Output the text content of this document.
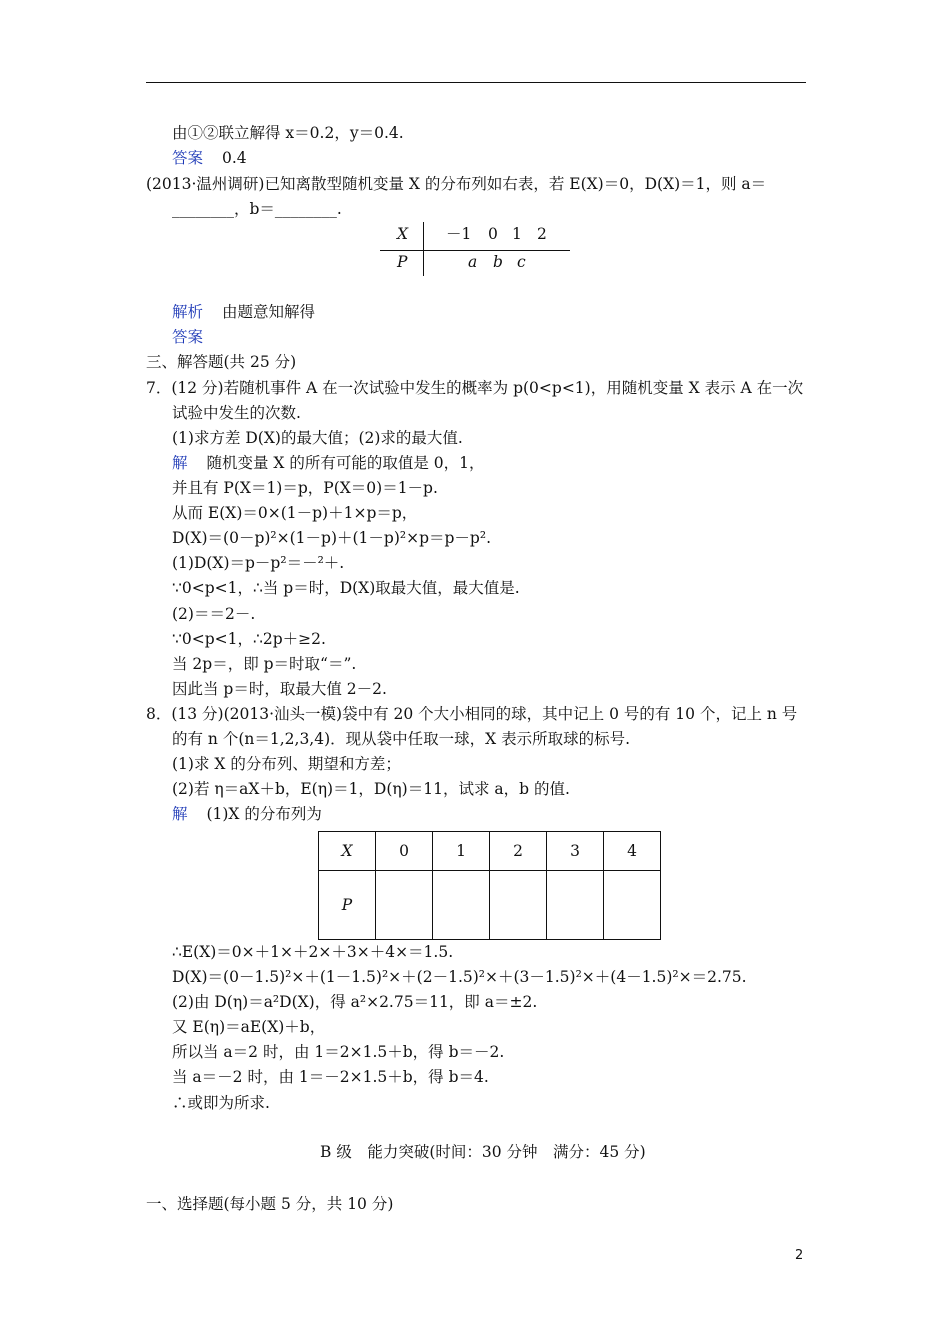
由①②联立解得 x＝0.2，y＝0.4.
答案 0.4
(2013·温州调研)已知离散型随机变量 X 的分布列如右表，若 E(X)＝0，D(X)＝1，则 a＝
________，b＝________.
X －1 0 1 2
P	a b c
解析 由题意知解得
答案
三、解答题(共 25 分)
7．(12 分)若随机事件 A 在一次试验中发生的概率为 p(0<p<1)，用随机变量 X 表示 A 在一次
试验中发生的次数.
(1)求方差 D(X)的最大值；(2)求的最大值.
解 随机变量 X 的所有可能的取值是 0，1，
并且有 P(X＝1)＝p，P(X＝0)＝1－p.
从而 E(X)＝0×(1－p)＋1×p＝p，
D(X)＝(0－p)²×(1－p)＋(1－p)²×p＝p－p².
(1)D(X)＝p－p²＝－²＋.
∵0<p<1，∴当 p＝时，D(X)取最大值，最大值是.
(2)＝＝2－.
∵0<p<1，∴2p＋≥2.
当 2p＝，即 p＝时取“＝”.
因此当 p＝时，取最大值 2－2.
8．(13 分)(2013·汕头一模)袋中有 20 个大小相同的球，其中记上 0 号的有 10 个，记上 n 号
的有 n 个(n＝1,2,3,4)．现从袋中任取一球，X 表示所取球的标号.
(1)求 X 的分布列、期望和方差；
(2)若 η＝aX＋b，E(η)＝1，D(η)＝11，试求 a，b 的值.
解 (1)X 的分布列为
X	0	1	2	3	4
P					
∴E(X)＝0×＋1×＋2×＋3×＋4×＝1.5.
D(X)＝(0－1.5)²×＋(1－1.5)²×＋(2－1.5)²×＋(3－1.5)²×＋(4－1.5)²×＝2.75.
(2)由 D(η)＝a²D(X)，得 a²×2.75＝11，即 a＝±2.
又 E(η)＝aE(X)＋b，
所以当 a＝2 时，由 1＝2×1.5＋b，得 b＝－2.
当 a＝－2 时，由 1＝－2×1.5＋b，得 b＝4.
∴或即为所求.
B 级　能力突破(时间：30 分钟　满分：45 分)
一、选择题(每小题 5 分，共 10 分)
2
